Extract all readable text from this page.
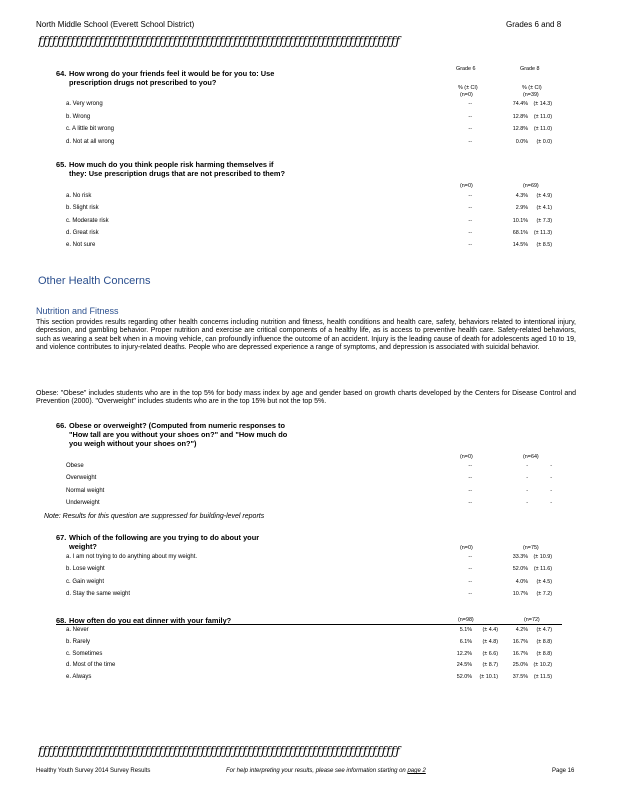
North Middle School (Everett School District)	Grades 6 and 8
ƒƒƒƒƒƒƒƒƒƒƒƒƒƒƒƒƒƒƒƒƒƒƒƒƒƒƒƒƒƒƒƒƒƒƒƒƒƒƒƒƒƒƒƒƒƒƒƒƒƒƒƒƒƒƒƒƒƒƒƒƒƒƒƒƒƒƒƒƒƒƒƒƒƒƒƒƒƒ
Grade 6	Grade 8
% (± CI)	% (± CI)
(n=0)	(n=39)
64. How wrong do your friends feel it would be for you to: Use prescription drugs not prescribed to you?
a. Very wrong	--	74.4%	(± 14.3)
b. Wrong	--	12.8%	(± 11.0)
c. A little bit wrong	--	12.8%	(± 11.0)
d. Not at all wrong	--	0.0%	(± 0.0)
65. How much do you think people risk harming themselves if they: Use prescription drugs that are not prescribed to them?
(n=0)	(n=69)
a. No risk	--	4.3%	(± 4.9)
b. Slight risk	--	2.9%	(± 4.1)
c. Moderate risk	--	10.1%	(± 7.3)
d. Great risk	--	68.1%	(± 11.3)
e. Not sure	--	14.5%	(± 8.5)
Other Health Concerns
Nutrition and Fitness
This section provides results regarding other health concerns including nutrition and fitness, health conditions and health care, safety, behaviors related to intentional injury, depression, and gambling behavior. Proper nutrition and exercise are critical components of a healthy life, as is access to preventive health care. Safety-related behaviors, such as wearing a seat belt when in a moving vehicle, can profoundly influence the outcome of an accident. Injury is the leading cause of death for adolescents aged 10 to 19, and violence contributes to injury-related deaths. People who are depressed experience a range of symptoms, and depression is associated with suicidal behavior.
Obese: "Obese" includes students who are in the top 5% for body mass index by age and gender based on growth charts developed by the Centers for Disease Control and Prevention (2000). "Overweight" includes students who are in the top 15% but not the top 5%.
66. Obese or overweight? (Computed from numeric responses to "How tall are you without your shoes on?" and "How much do you weigh without your shoes on?")
(n=0)	(n=64)
Obese	--	-	-
Overweight	--	-	-
Normal weight	--	-	-
Underweight	--	-	-
Note: Results for this question are suppressed for building-level reports
67. Which of the following are you trying to do about your weight?	(n=0)	(n=75)
a. I am not trying to do anything about my weight.	--	33.3%	(± 10.9)
b. Lose weight	--	52.0%	(± 11.6)
c. Gain weight	--	4.0%	(± 4.5)
d. Stay the same weight	--	10.7%	(± 7.2)
68. How often do you eat dinner with your family?	(n=98)	(n=72)
a. Never	5.1%	(± 4.4)	4.2%	(± 4.7)
b. Rarely	6.1%	(± 4.8)	16.7%	(± 8.8)
c. Sometimes	12.2%	(± 6.6)	16.7%	(± 8.8)
d. Most of the time	24.5%	(± 8.7)	25.0%	(± 10.2)
e. Always	52.0%	(± 10.1)	37.5%	(± 11.5)
ƒƒƒƒƒƒƒƒƒƒƒƒƒƒƒƒƒƒƒƒƒƒƒƒƒƒƒƒƒƒƒƒƒƒƒƒƒƒƒƒƒƒƒƒƒƒƒƒƒƒƒƒƒƒƒƒƒƒƒƒƒƒƒƒƒƒƒƒƒƒƒƒƒƒƒƒƒƒ
Healthy Youth Survey 2014 Survey Results	For help interpreting your results, please see information starting on page 2	Page 16
